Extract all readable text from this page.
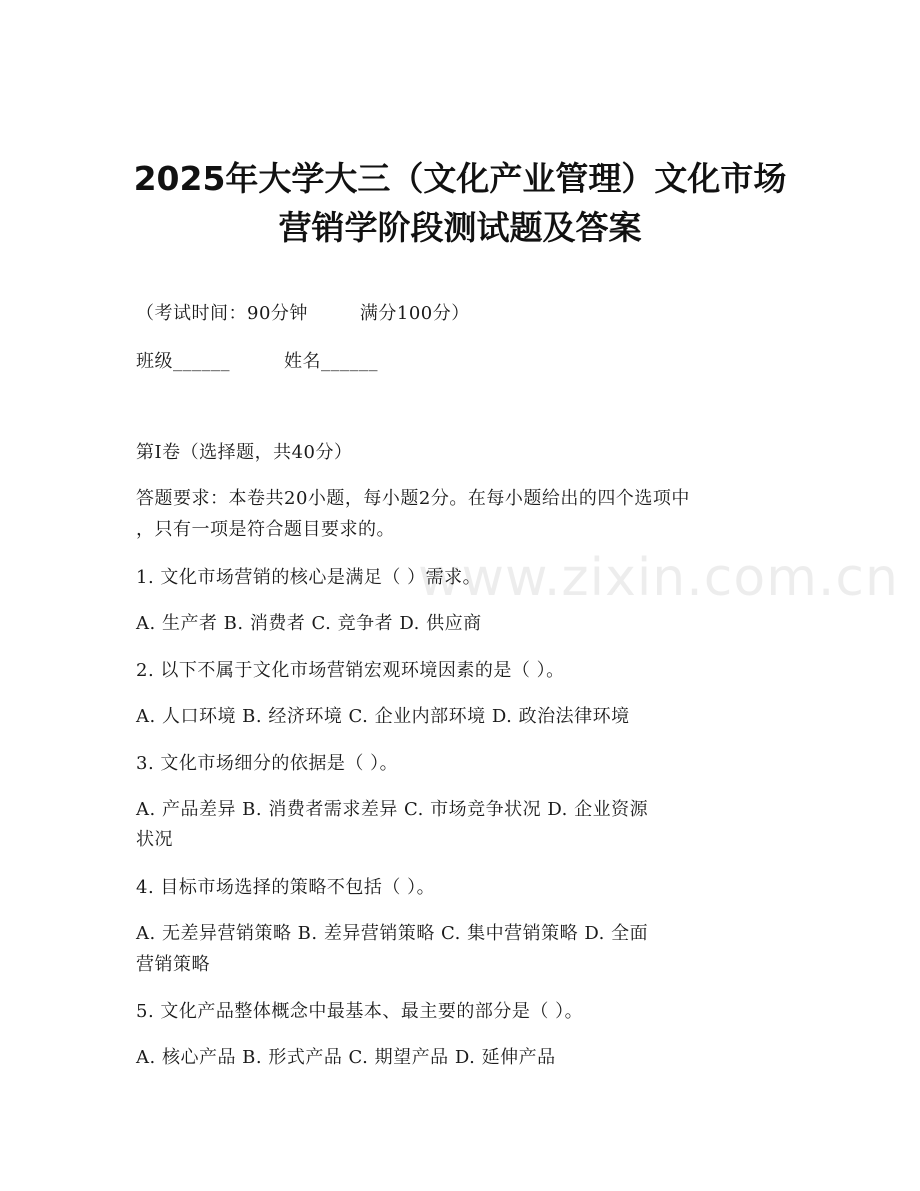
www.zixin.com.cn
2025年大学大三（文化产业管理）文化市场
营销学阶段测试题及答案
（考试时间：90分钟	满分100分）
班级______	姓名______
第I卷（选择题，共40分）
答题要求：本卷共20小题，每小题2分。在每小题给出的四个选项中
，只有一项是符合题目要求的。
1. 文化市场营销的核心是满足（ ）需求。
A. 生产者 B. 消费者 C. 竞争者 D. 供应商
2. 以下不属于文化市场营销宏观环境因素的是（ ）。
A. 人口环境 B. 经济环境 C. 企业内部环境 D. 政治法律环境
3. 文化市场细分的依据是（ ）。
A. 产品差异 B. 消费者需求差异 C. 市场竞争状况 D. 企业资源
状况
4. 目标市场选择的策略不包括（ ）。
A. 无差异营销策略 B. 差异营销策略 C. 集中营销策略 D. 全面
营销策略
5. 文化产品整体概念中最基本、最主要的部分是（ ）。
A. 核心产品 B. 形式产品 C. 期望产品 D. 延伸产品
